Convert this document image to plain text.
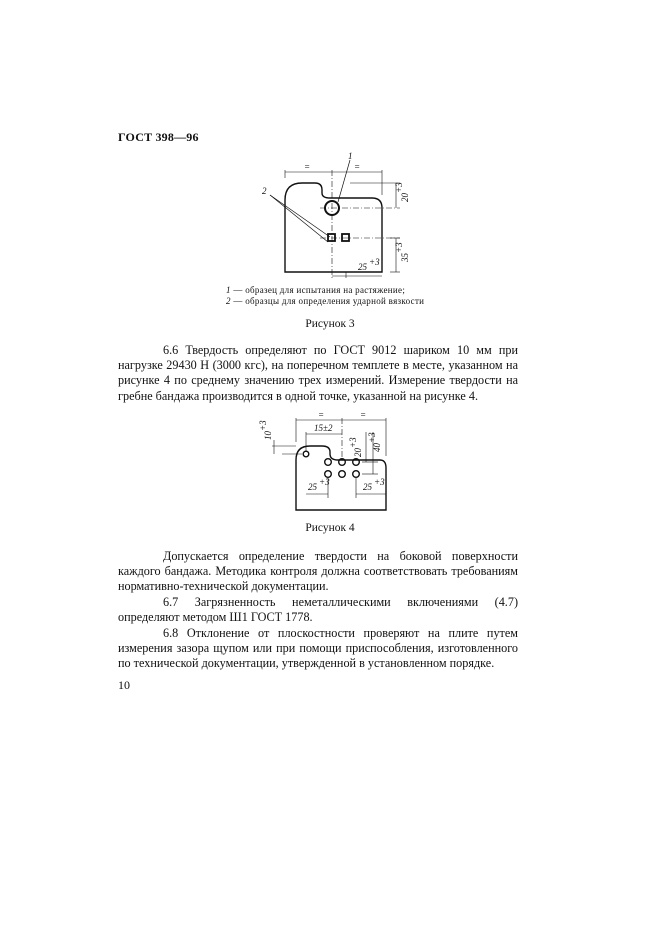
ГОСТ 398—96
1
2
=	=
20
+3
35
+3
25 +3
1 — образец для испытания на растяжение;
2 — образцы для определения ударной вязкости
Рисунок 3
6.6 Твердость определяют по ГОСТ 9012 шариком 10 мм при нагрузке 29430 Н (3000 кгс), на поперечном темплете в месте, указанном на рисунке 4 по среднему значению трех измерений. Измерение твердости на гребне бандажа производится в одной точке, указанной на рисунке 4.
=	=
15±2
10
+3
20
+3 40
+3
25 +3	25 +3
Рисунок 4
Допускается определение твердости на боковой поверхности каждого бандажа. Методика контроля должна соответствовать требованиям нормативно-технической документации.
6.7 Загрязненность неметаллическими включениями (4.7) определяют методом Ш1 ГОСТ 1778.
6.8 Отклонение от плоскостности проверяют на плите путем измерения зазора щупом или при помощи приспособления, изготовленного по технической документации, утвержденной в установленном порядке.
10
